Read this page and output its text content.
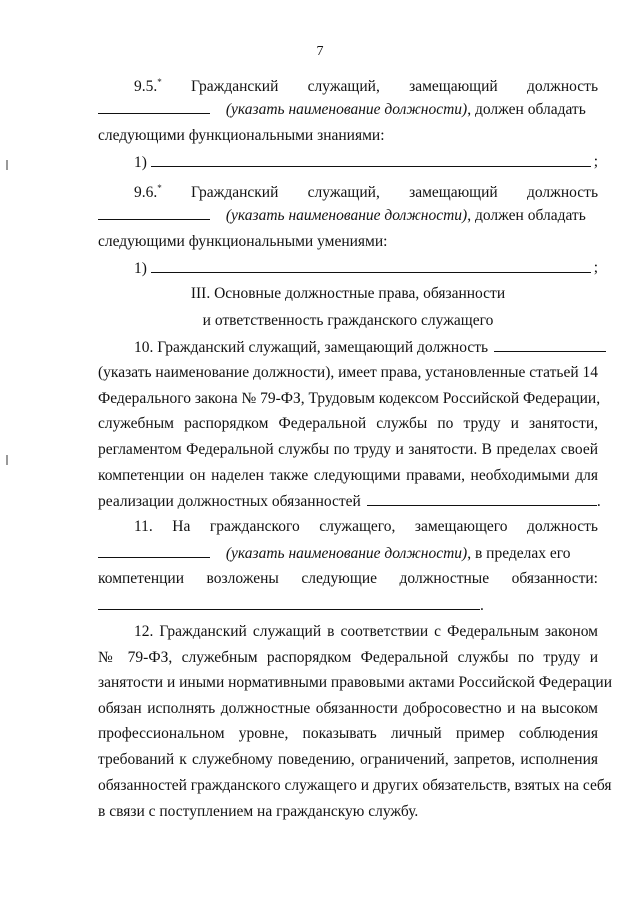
7
9.5.* Гражданский служащий, замещающий должность
(указать наименование должности), должен обладать
следующими функциональными знаниями:
1)	;
9.6.* Гражданский служащий, замещающий должность
(указать наименование должности), должен обладать
следующими функциональными умениями:
1)	;
III. Основные должностные права, обязанности
и ответственность гражданского служащего
10. Гражданский служащий, замещающий должность
(указать наименование должности), имеет права, установленные статьей 14
Федерального закона № 79-ФЗ, Трудовым кодексом Российской Федерации,
служебным распорядком Федеральной службы по труду и занятости,
регламентом Федеральной службы по труду и занятости. В пределах своей
компетенции он наделен также следующими правами, необходимыми для
реализации должностных обязанностей	.
11. На гражданского служащего, замещающего должность
(указать наименование должности), в пределах его
компетенции возложены следующие должностные обязанности:
.
12. Гражданский служащий в соответствии с Федеральным законом
№ 79-ФЗ, служебным распорядком Федеральной службы по труду и
занятости и иными нормативными правовыми актами Российской Федерации
обязан исполнять должностные обязанности добросовестно и на высоком
профессиональном уровне, показывать личный пример соблюдения
требований к служебному поведению, ограничений, запретов, исполнения
обязанностей гражданского служащего и других обязательств, взятых на себя
в связи с поступлением на гражданскую службу.
